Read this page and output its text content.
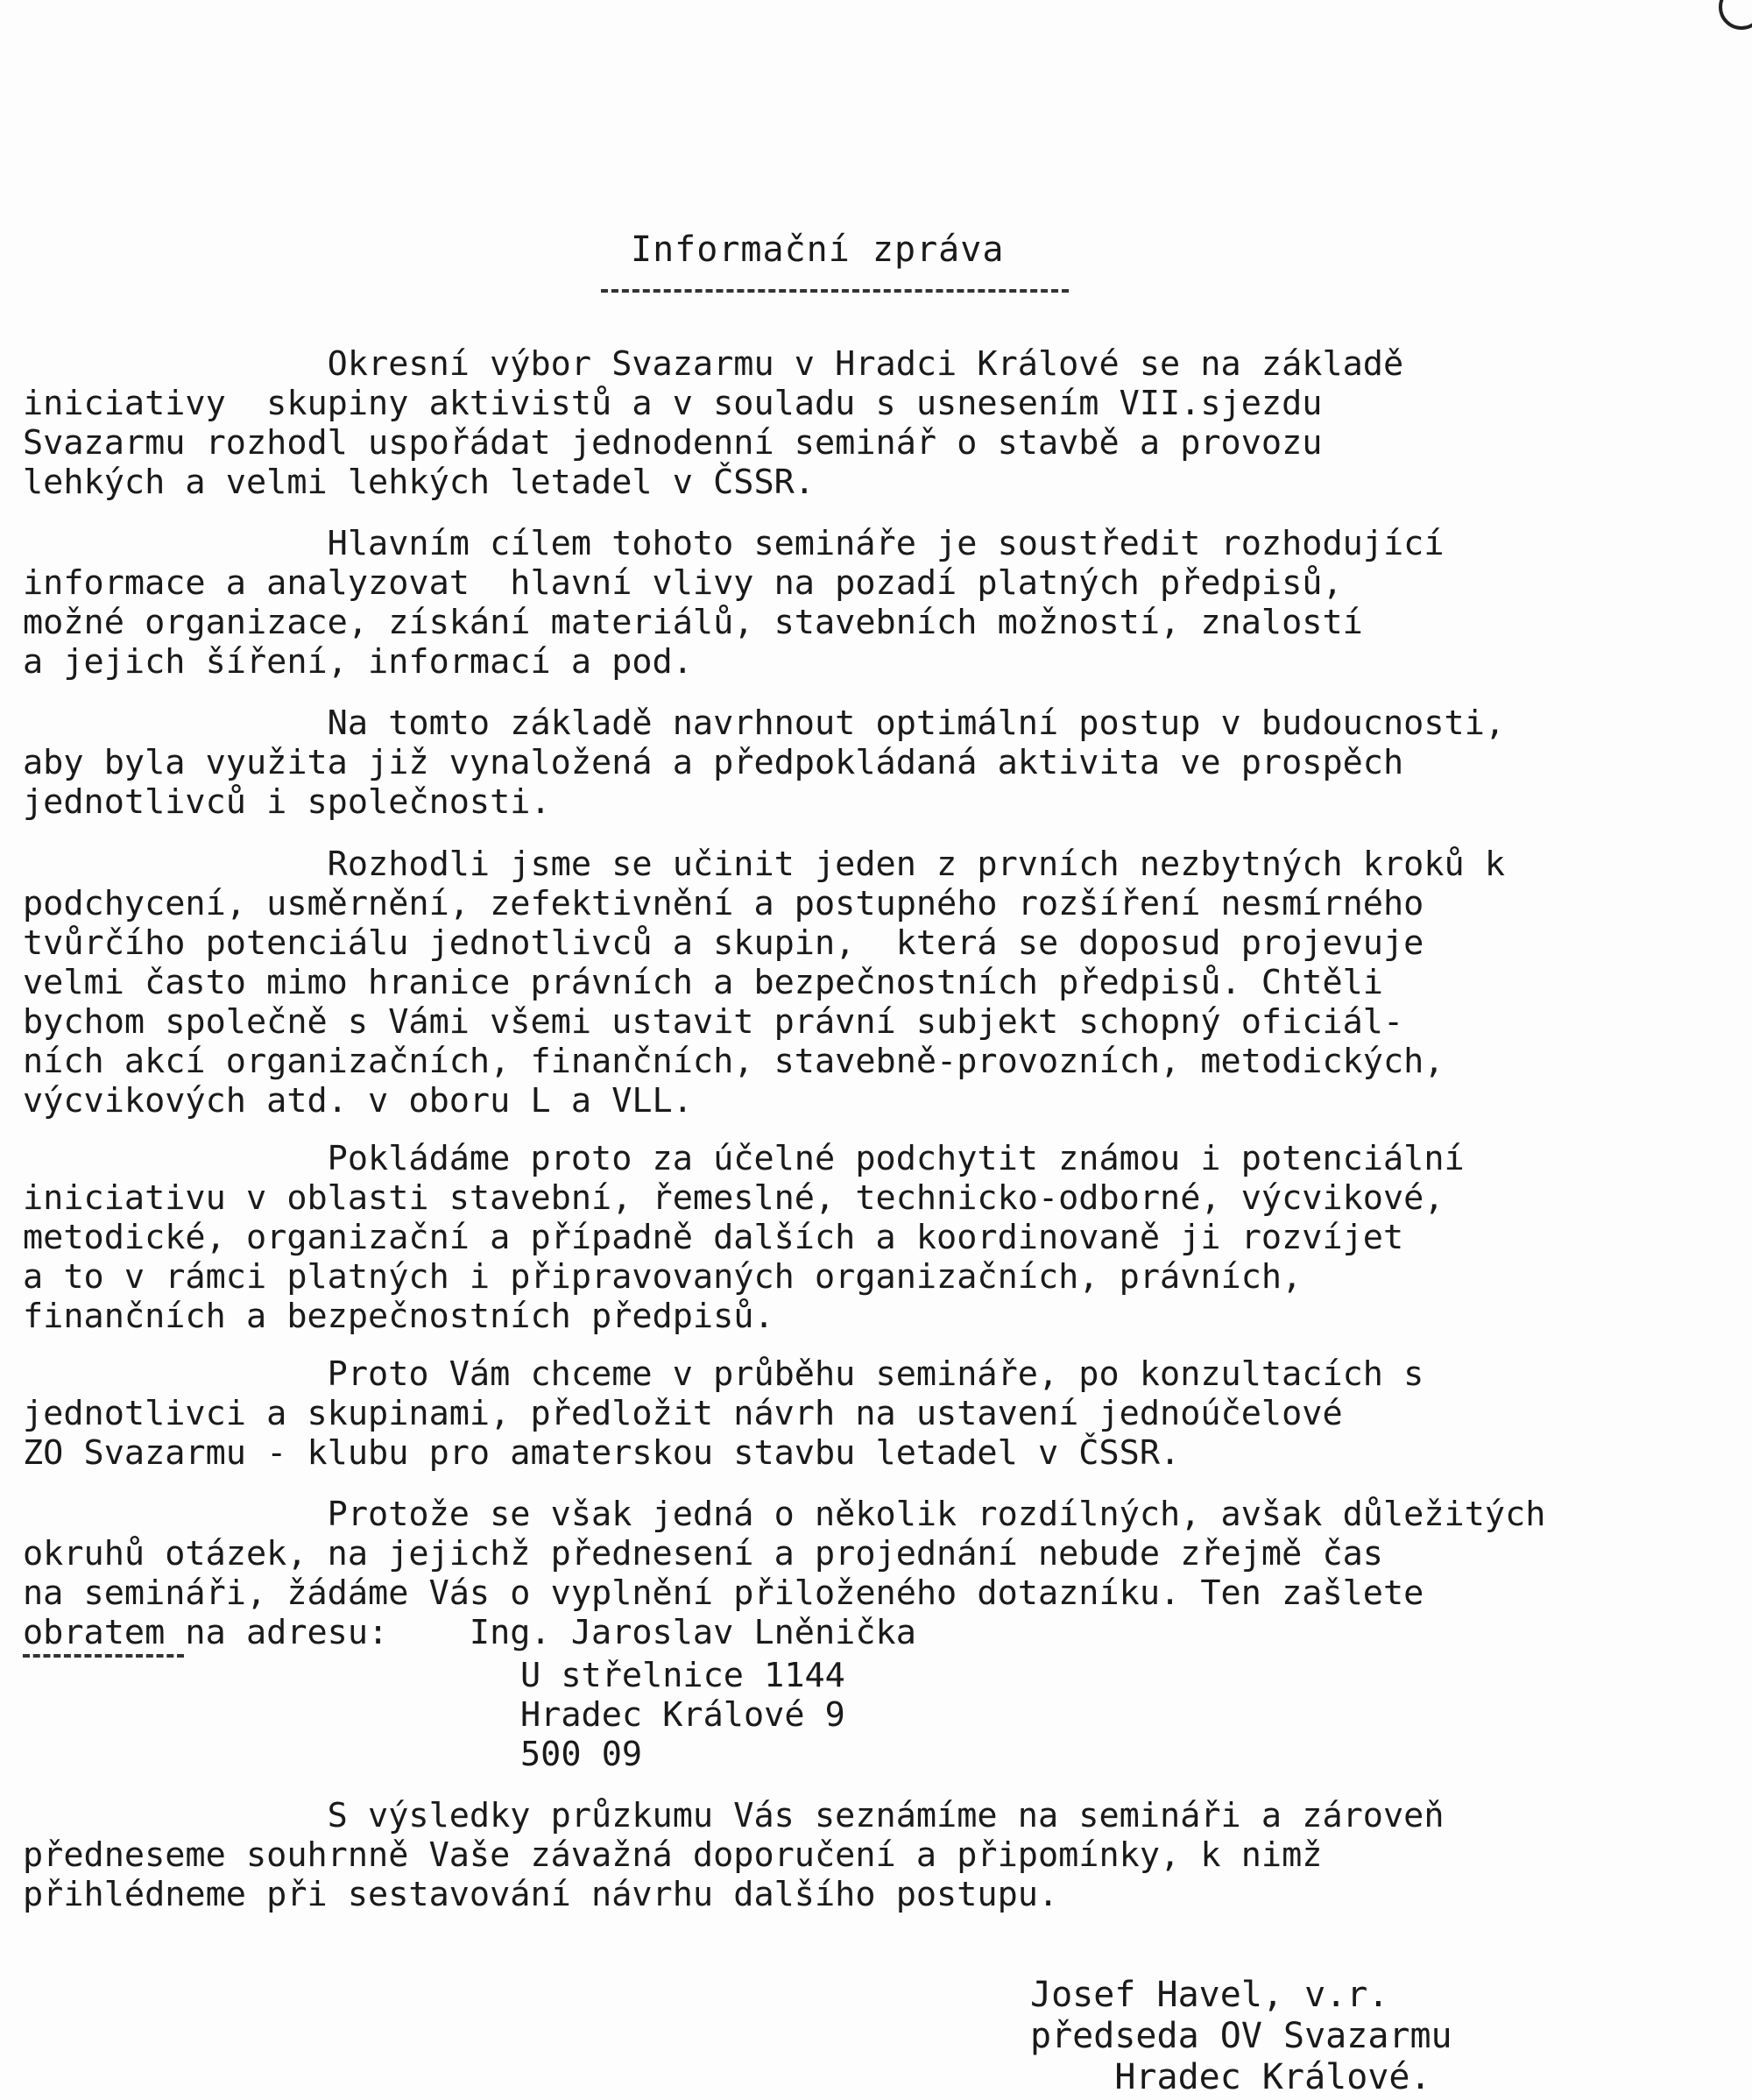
Informační zpráva

Okresní výbor Svazarmu v Hradci Králové se na základě
iniciativy  skupiny aktivistů a v souladu s usnesením VII.sjezdu
Svazarmu rozhodl uspořádat jednodenní seminář o stavbě a provozu
lehkých a velmi lehkých letadel v ČSSR.

Hlavním cílem tohoto semináře je soustředit rozhodující
informace a analyzovat  hlavní vlivy na pozadí platných předpisů,
možné organizace, získání materiálů, stavebních možností, znalostí
a jejich šíření, informací a pod.

Na tomto základě navrhnout optimální postup v budoucnosti,
aby byla využita již vynaložená a předpokládaná aktivita ve prospěch
jednotlivců i společnosti.

Rozhodli jsme se učinit jeden z prvních nezbytných kroků k
podchycení, usměrnění, zefektivnění a postupného rozšíření nesmírného
tvůrčího potenciálu jednotlivců a skupin,  která se doposud projevuje
velmi často mimo hranice právních a bezpečnostních předpisů. Chtěli
bychom společně s Vámi všemi ustavit právní subjekt schopný oficiál-
ních akcí organizačních, finančních, stavebně-provozních, metodických,
výcvikových atd. v oboru L a VLL.

Pokládáme proto za účelné podchytit známou i potenciální
iniciativu v oblasti stavební, řemeslné, technicko-odborné, výcvikové,
metodické, organizační a případně dalších a koordinovaně ji rozvíjet
a to v rámci platných i připravovaných organizačních, právních,
finančních a bezpečnostních předpisů.

Proto Vám chceme v průběhu semináře, po konzultacích s
jednotlivci a skupinami, předložit návrh na ustavení jednoúčelové
ZO Svazarmu - klubu pro amaterskou stavbu letadel v ČSSR.

Protože se však jedná o několik rozdílných, avšak důležitých
okruhů otázek, na jejichž přednesení a projednání nebude zřejmě čas
na semináři, žádáme Vás o vyplnění přiloženého dotazníku. Ten zašlete
obratem na adresu:    Ing. Jaroslav Lněnička

U střelnice 1144

Hradec Králové 9

500 09

S výsledky průzkumu Vás seznámíme na semináři a zároveň
předneseme souhrnně Vaše závažná doporučení a připomínky, k nimž
přihlédneme při sestavování návrhu dalšího postupu.

Josef Havel, v.r.

předseda OV Svazarmu

Hradec Králové.
